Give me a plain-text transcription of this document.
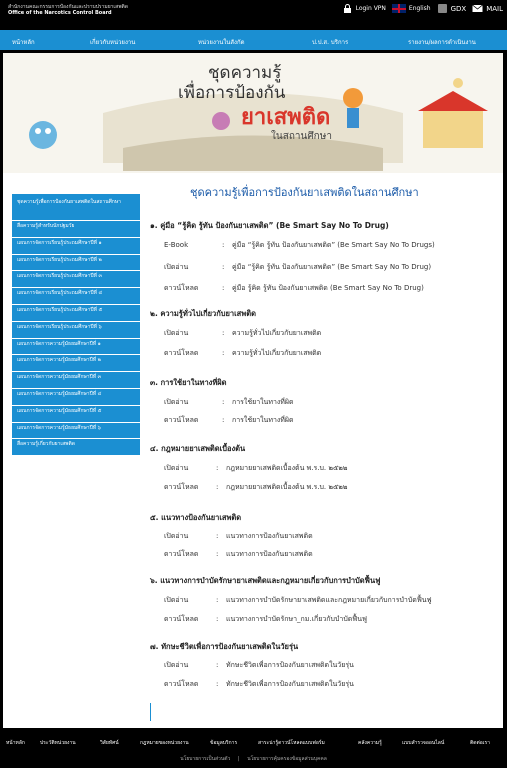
สำนักงานคณะกรรมการป้องกันและปราบปรามยาเสพติด
Office of the Narcotics Control Board
Login VPN	English	GDX	MAIL
หน้าหลัก	เกี่ยวกับหน่วยงาน	หน่วยงานในสังกัด	ป.ป.ส. บริการ	รายงาน/ผลการดำเนินงาน
ชุดความรู้
เพื่อการป้องกัน
ยาเสพติด
ในสถานศึกษา
ชุดความรู้เพื่อการป้องกันยาเสพติดในสถานศึกษา
ชุดความรู้เพื่อการป้องกันยาเสพติดในสถานศึกษา
สื่อความรู้สำหรับนักปฐมวัย
แผนการจัดการเรียนรู้ประถมศึกษาปีที่ ๑
แผนการจัดการเรียนรู้ประถมศึกษาปีที่ ๒
แผนการจัดการเรียนรู้ประถมศึกษาปีที่ ๓
แผนการจัดการเรียนรู้ประถมศึกษาปีที่ ๔
แผนการจัดการเรียนรู้ประถมศึกษาปีที่ ๕
แผนการจัดการเรียนรู้ประถมศึกษาปีที่ ๖
แผนการจัดการความรู้มัธยมศึกษาปีที่ ๑
แผนการจัดการความรู้มัธยมศึกษาปีที่ ๒
แผนการจัดการความรู้มัธยมศึกษาปีที่ ๓
แผนการจัดการความรู้มัธยมศึกษาปีที่ ๔
แผนการจัดการความรู้มัธยมศึกษาปีที่ ๕
แผนการจัดการความรู้มัธยมศึกษาปีที่ ๖
สื่อความรู้เกี่ยวกับยาเสพติด
๑. คู่มือ “รู้คิด รู้ทัน ป้องกันยาเสพติด” (Be Smart Say No To Drug)
E-Book	: คู่มือ “รู้คิด รู้ทัน ป้องกันยาเสพติด” (Be Smart Say No To Drugs)
เปิดอ่าน	: คู่มือ “รู้คิด รู้ทัน ป้องกันยาเสพติด” (Be Smart Say No To Drug)
ดาวน์โหลด	: คู่มือ รู้คิด รู้ทัน ป้องกันยาเสพติด (Be Smart Say No To Drug)
๒. ความรู้ทั่วไปเกี่ยวกับยาเสพติด
เปิดอ่าน	: ความรู้ทั่วไปเกี่ยวกับยาเสพติด
ดาวน์โหลด	: ความรู้ทั่วไปเกี่ยวกับยาเสพติด
๓. การใช้ยาในทางที่ผิด
เปิดอ่าน	: การใช้ยาในทางที่ผิด
ดาวน์โหลด	: การใช้ยาในทางที่ผิด
๔. กฎหมายยาเสพติดเบื้องต้น
เปิดอ่าน	: กฎหมายยาเสพติดเบื้องต้น พ.ร.บ. ๒๕๒๒
ดาวน์โหลด	: กฎหมายยาเสพติดเบื้องต้น พ.ร.บ. ๒๕๒๒
๕. แนวทางป้องกันยาเสพติด
เปิดอ่าน	: แนวทางการป้องกันยาเสพติด
ดาวน์โหลด	: แนวทางการป้องกันยาเสพติด
๖. แนวทางการบำบัดรักษายาเสพติดและกฎหมายเกี่ยวกับการบำบัดฟื้นฟู
เปิดอ่าน	: แนวทางการบำบัดรักษายาเสพติดและกฎหมายเกี่ยวกับการบำบัดฟื้นฟู
ดาวน์โหลด	: แนวทางการบำบัดรักษา_กม.เกี่ยวกับบำบัดฟื้นฟู
๗. ทักษะชีวิตเพื่อการป้องกันยาเสพติดในวัยรุ่น
เปิดอ่าน	: ทักษะชีวิตเพื่อการป้องกันยาเสพติดในวัยรุ่น
ดาวน์โหลด	: ทักษะชีวิตเพื่อการป้องกันยาเสพติดในวัยรุ่น
หน้าหลัก	ประวัติหน่วยงาน	วิสัยทัศน์	กฎหมายของหน่วยงาน	ข้อมูลบริการ	สาระน่ารู้ดาวน์โหลดแบบฟอร์ม	คลังความรู้	แบบสำรวจออนไลน์	ติดต่อเรา
นโยบายการเป็นส่วนตัว | นโยบายการคุ้มครองข้อมูลส่วนบุคคล
